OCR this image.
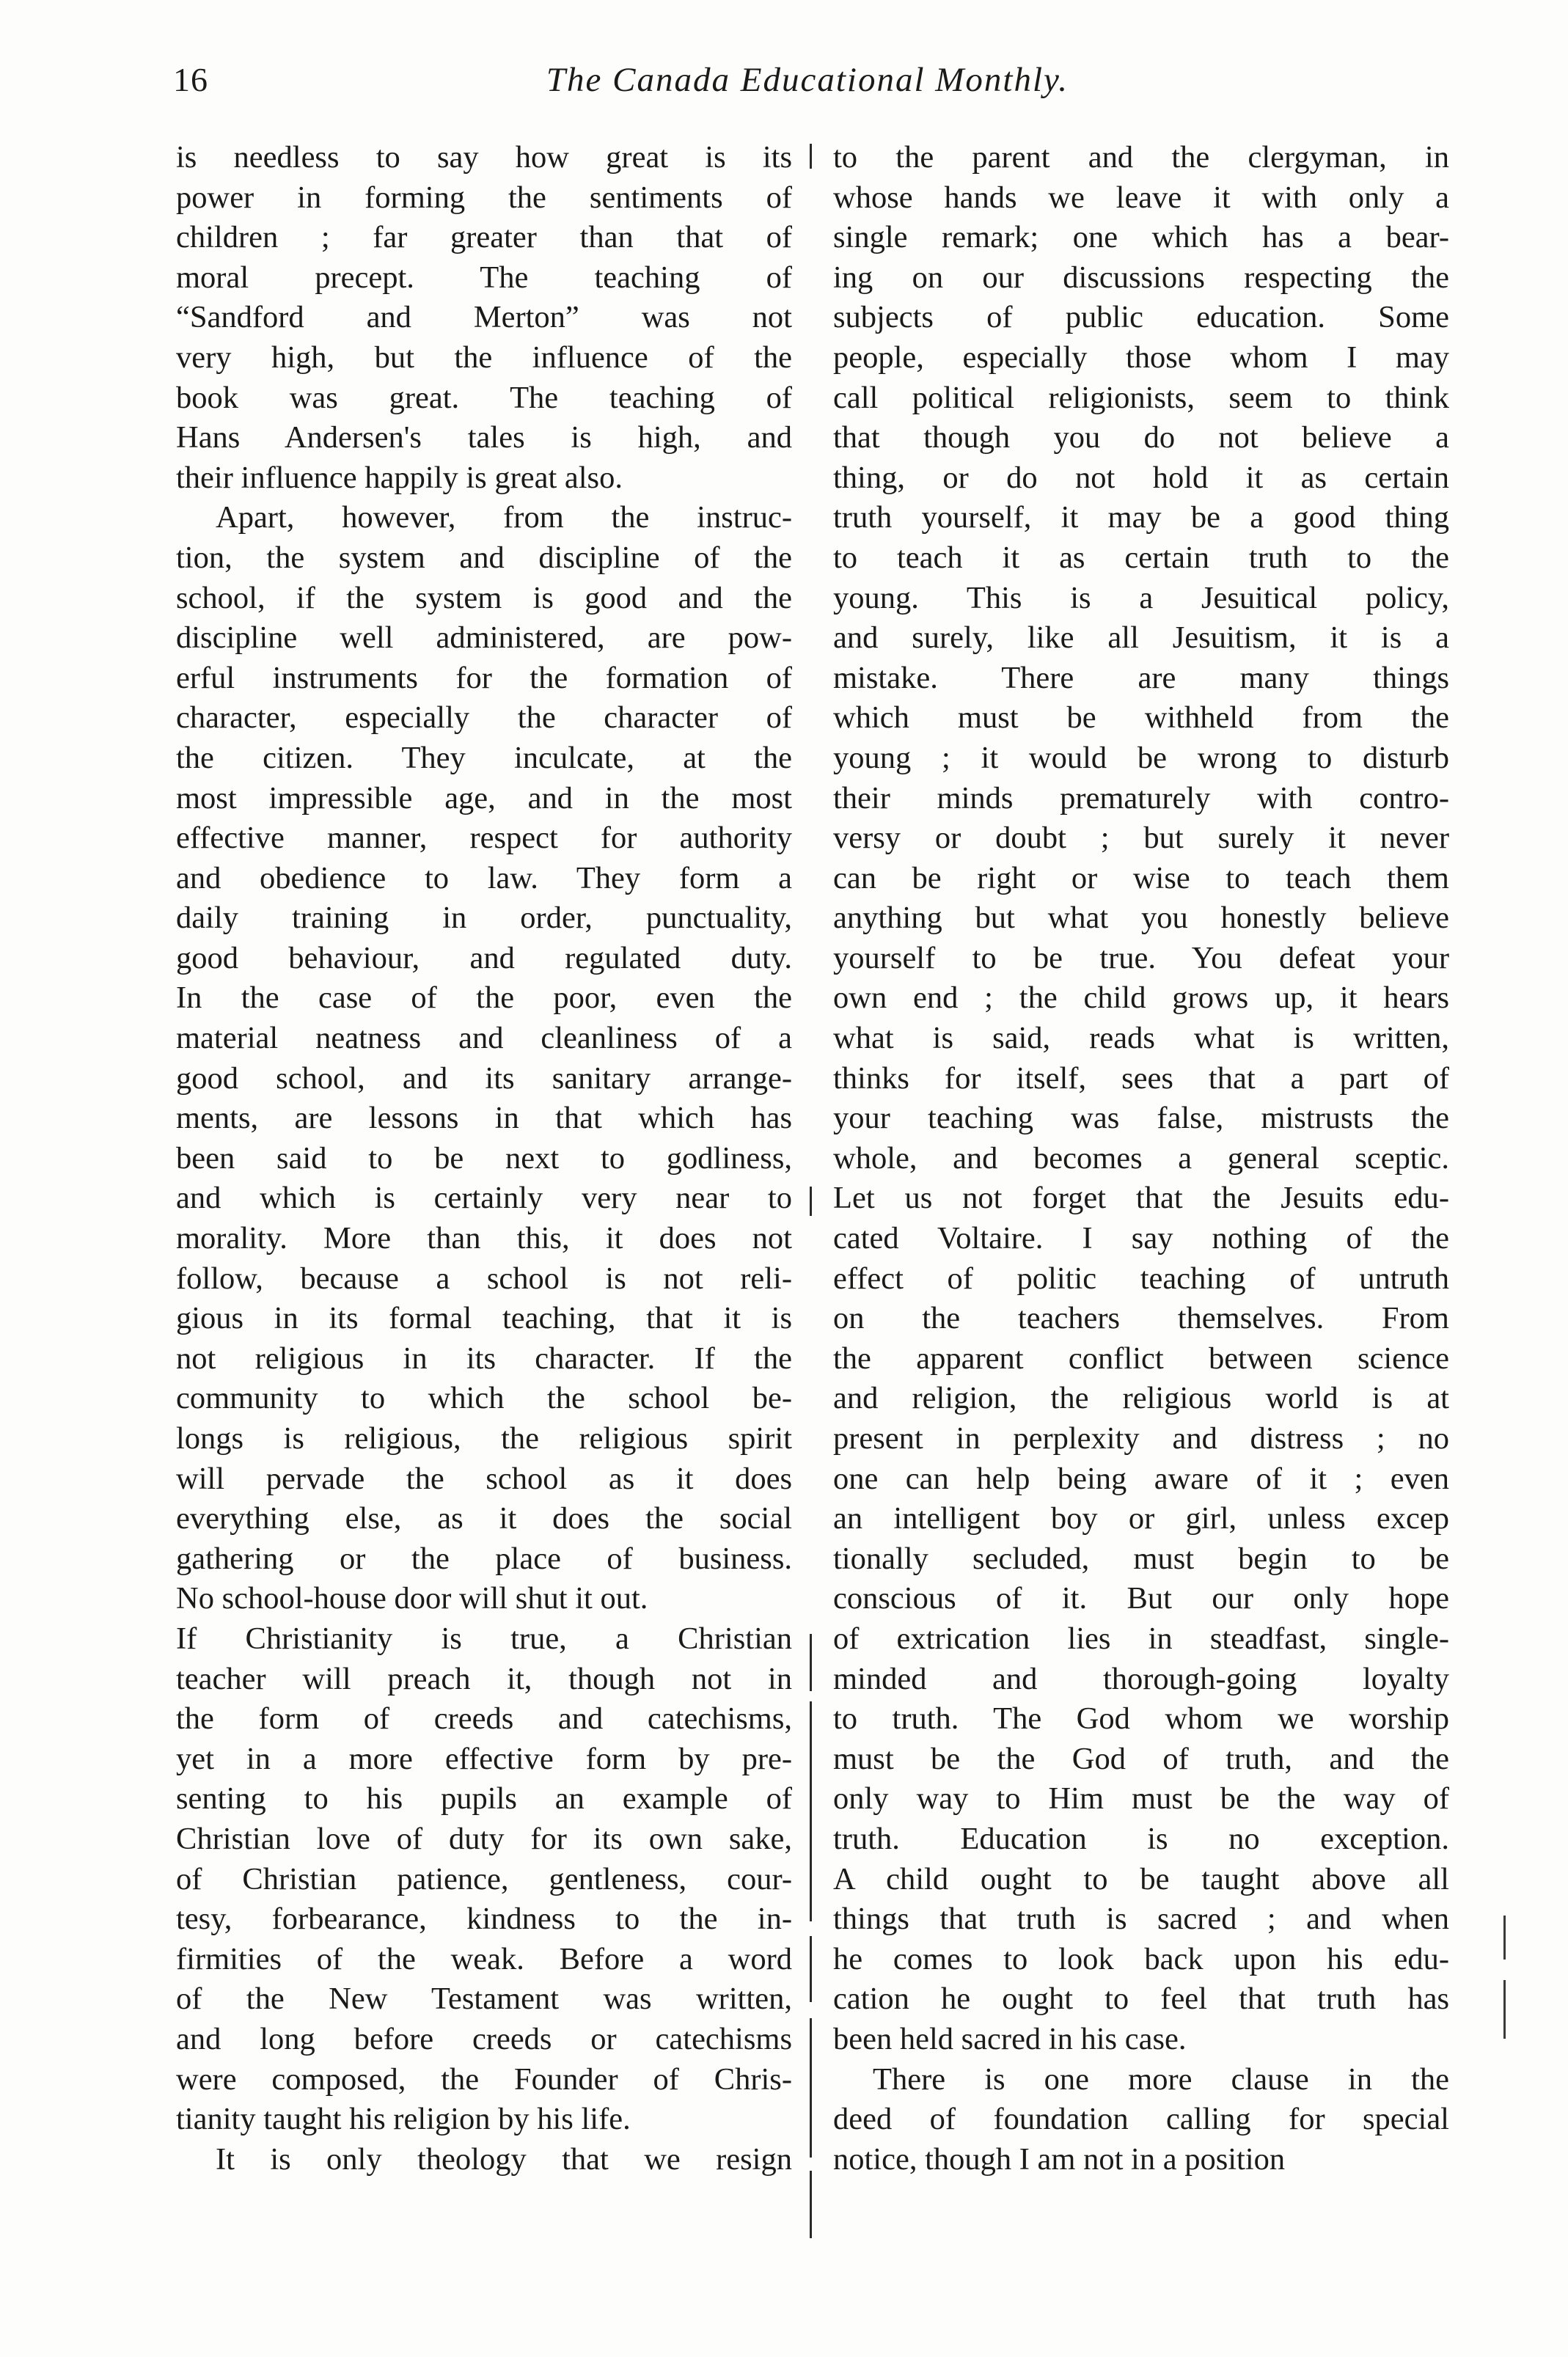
16	The Canada Educational Monthly.
is needless to say how great is its
power in forming the sentiments of
children ; far greater than that of
moral precept. The teaching of
“Sandford and Merton” was not
very high, but the influence of the
book was great. The teaching of
Hans Andersen's tales is high, and
their influence happily is great also.
Apart, however, from the instruc-
tion, the system and discipline of the
school, if the system is good and the
discipline well administered, are pow-
erful instruments for the formation of
character, especially the character of
the citizen. They inculcate, at the
most impressible age, and in the most
effective manner, respect for authority
and obedience to law. They form a
daily training in order, punctuality,
good behaviour, and regulated duty.
In the case of the poor, even the
material neatness and cleanliness of a
good school, and its sanitary arrange-
ments, are lessons in that which has
been said to be next to godliness,
and which is certainly very near to
morality. More than this, it does not
follow, because a school is not reli-
gious in its formal teaching, that it is
not religious in its character. If the
community to which the school be-
longs is religious, the religious spirit
will pervade the school as it does
everything else, as it does the social
gathering or the place of business.
No school-house door will shut it out.
If Christianity is true, a Christian
teacher will preach it, though not in
the form of creeds and catechisms,
yet in a more effective form by pre-
senting to his pupils an example of
Christian love of duty for its own sake,
of Christian patience, gentleness, cour-
tesy, forbearance, kindness to the in-
firmities of the weak. Before a word
of the New Testament was written,
and long before creeds or catechisms
were composed, the Founder of Chris-
tianity taught his religion by his life.
It is only theology that we resign
to the parent and the clergyman, in
whose hands we leave it with only a
single remark; one which has a bear-
ing on our discussions respecting the
subjects of public education. Some
people, especially those whom I may
call political religionists, seem to think
that though you do not believe a
thing, or do not hold it as certain
truth yourself, it may be a good thing
to teach it as certain truth to the
young. This is a Jesuitical policy,
and surely, like all Jesuitism, it is a
mistake. There are many things
which must be withheld from the
young ; it would be wrong to disturb
their minds prematurely with contro-
versy or doubt ; but surely it never
can be right or wise to teach them
anything but what you honestly believe
yourself to be true. You defeat your
own end ; the child grows up, it hears
what is said, reads what is written,
thinks for itself, sees that a part of
your teaching was false, mistrusts the
whole, and becomes a general sceptic.
Let us not forget that the Jesuits edu-
cated Voltaire. I say nothing of the
effect of politic teaching of untruth
on the teachers themselves. From
the apparent conflict between science
and religion, the religious world is at
present in perplexity and distress ; no
one can help being aware of it ; even
an intelligent boy or girl, unless excep
tionally secluded, must begin to be
conscious of it. But our only hope
of extrication lies in steadfast, single-
minded and thorough-going loyalty
to truth. The God whom we worship
must be the God of truth, and the
only way to Him must be the way of
truth. Education is no exception.
A child ought to be taught above all
things that truth is sacred ; and when
he comes to look back upon his edu-
cation he ought to feel that truth has
been held sacred in his case.
There is one more clause in the
deed of foundation calling for special
notice, though I am not in a position
